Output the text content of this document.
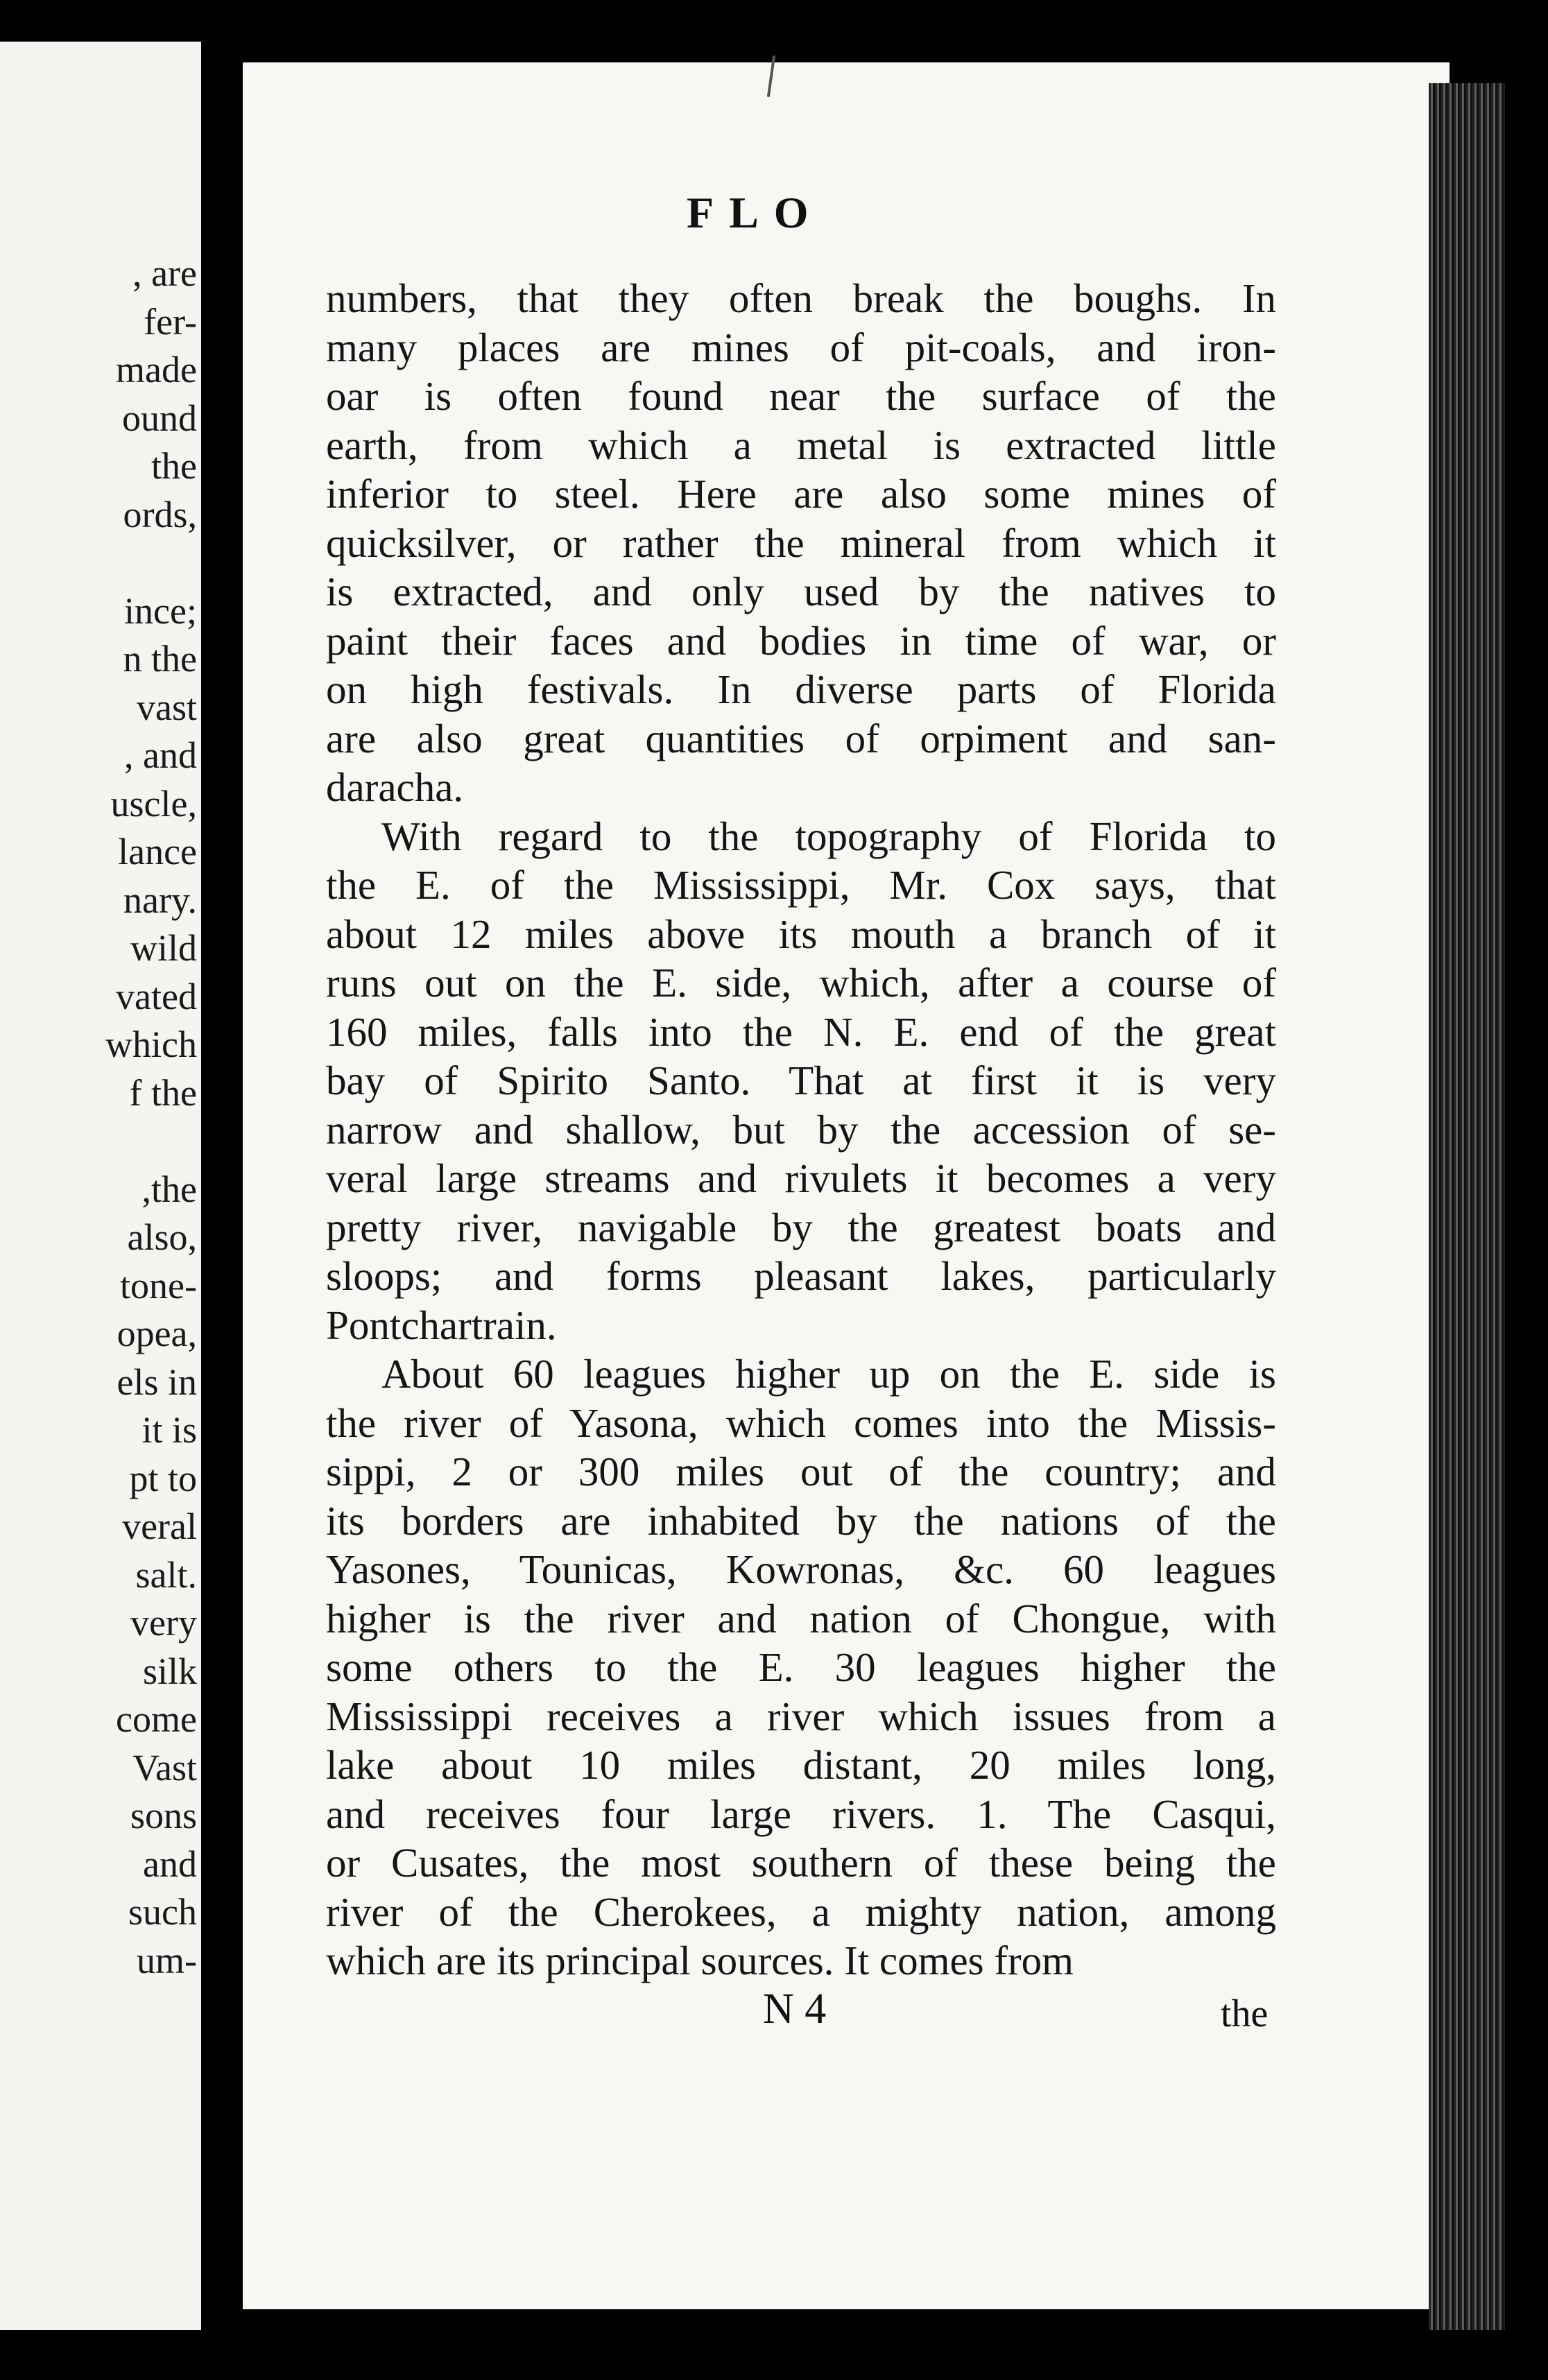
, are
fer-
made
ound
the
ords,
ince;
n the
vast
, and
uscle,
lance
nary.
wild
vated
which
f the
,the
also,
tone-
opea,
els in
it is
pt to
veral
salt.
very
silk
come
Vast
sons
and
such
um-
FLO
numbers, that they often break the boughs. In
many places are mines of pit-coals, and iron-
oar is often found near the surface of the
earth, from which a metal is extracted little
inferior to steel. Here are also some mines of
quicksilver, or rather the mineral from which it
is extracted, and only used by the natives to
paint their faces and bodies in time of war, or
on high festivals. In diverse parts of Florida
are also great quantities of orpiment and san-
daracha.
With regard to the topography of Florida to
the E. of the Mississippi, Mr. Cox says, that
about 12 miles above its mouth a branch of it
runs out on the E. side, which, after a course of
160 miles, falls into the N. E. end of the great
bay of Spirito Santo. That at first it is very
narrow and shallow, but by the accession of se-
veral large streams and rivulets it becomes a very
pretty river, navigable by the greatest boats and
sloops; and forms pleasant lakes, particularly
Pontchartrain.
About 60 leagues higher up on the E. side is
the river of Yasona, which comes into the Missis-
sippi, 2 or 300 miles out of the country; and
its borders are inhabited by the nations of the
Yasones, Tounicas, Kowronas, &c. 60 leagues
higher is the river and nation of Chongue, with
some others to the E. 30 leagues higher the
Mississippi receives a river which issues from a
lake about 10 miles distant, 20 miles long,
and receives four large rivers. 1. The Casqui,
or Cusates, the most southern of these being the
river of the Cherokees, a mighty nation, among
which are its principal sources. It comes from
N 4	the
